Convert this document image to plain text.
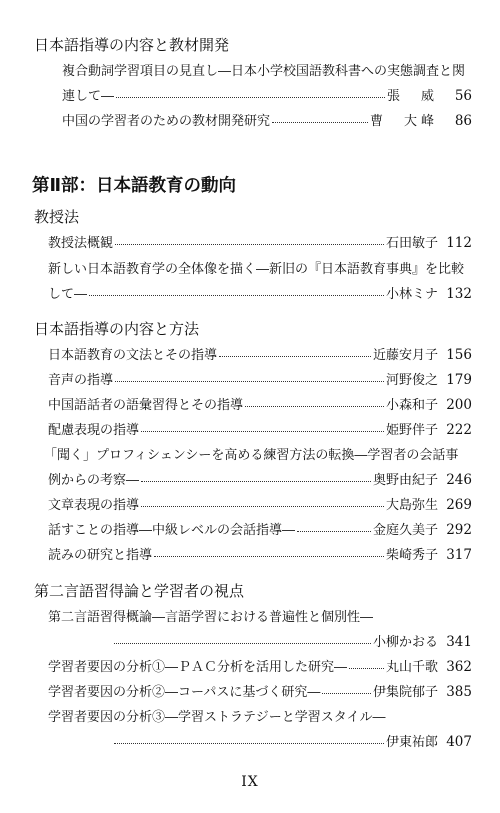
日本語指導の内容と教材開発
複合動詞学習項目の見直し―日本小学校国語教科書への実態調査と関
連して―	張　威	56
中国の学習者のための教材開発研究	曹　大峰	86
第Ⅱ部：日本語教育の動向
教授法
教授法概観	石田敏子 112
新しい日本語教育学の全体像を描く―新旧の『日本語教育事典』を比較
して―	小林ミナ 132
日本語指導の内容と方法
日本語教育の文法とその指導	近藤安月子 156
音声の指導	河野俊之 179
中国語話者の語彙習得とその指導	小森和子 200
配慮表現の指導	姫野伴子 222
「聞く」プロフィシェンシーを高める練習方法の転換―学習者の会話事
例からの考察―	奥野由紀子 246
文章表現の指導	大島弥生 269
話すことの指導―中級レベルの会話指導―	金庭久美子 292
読みの研究と指導	柴崎秀子 317
第二言語習得論と学習者の視点
第二言語習得概論―言語学習における普遍性と個別性―
小柳かおる 341
学習者要因の分析①―ＰＡＣ分析を活用した研究―	丸山千歌 362
学習者要因の分析②―コーパスに基づく研究―	伊集院郁子 385
学習者要因の分析③―学習ストラテジーと学習スタイル―
伊東祐郎 407
IX
